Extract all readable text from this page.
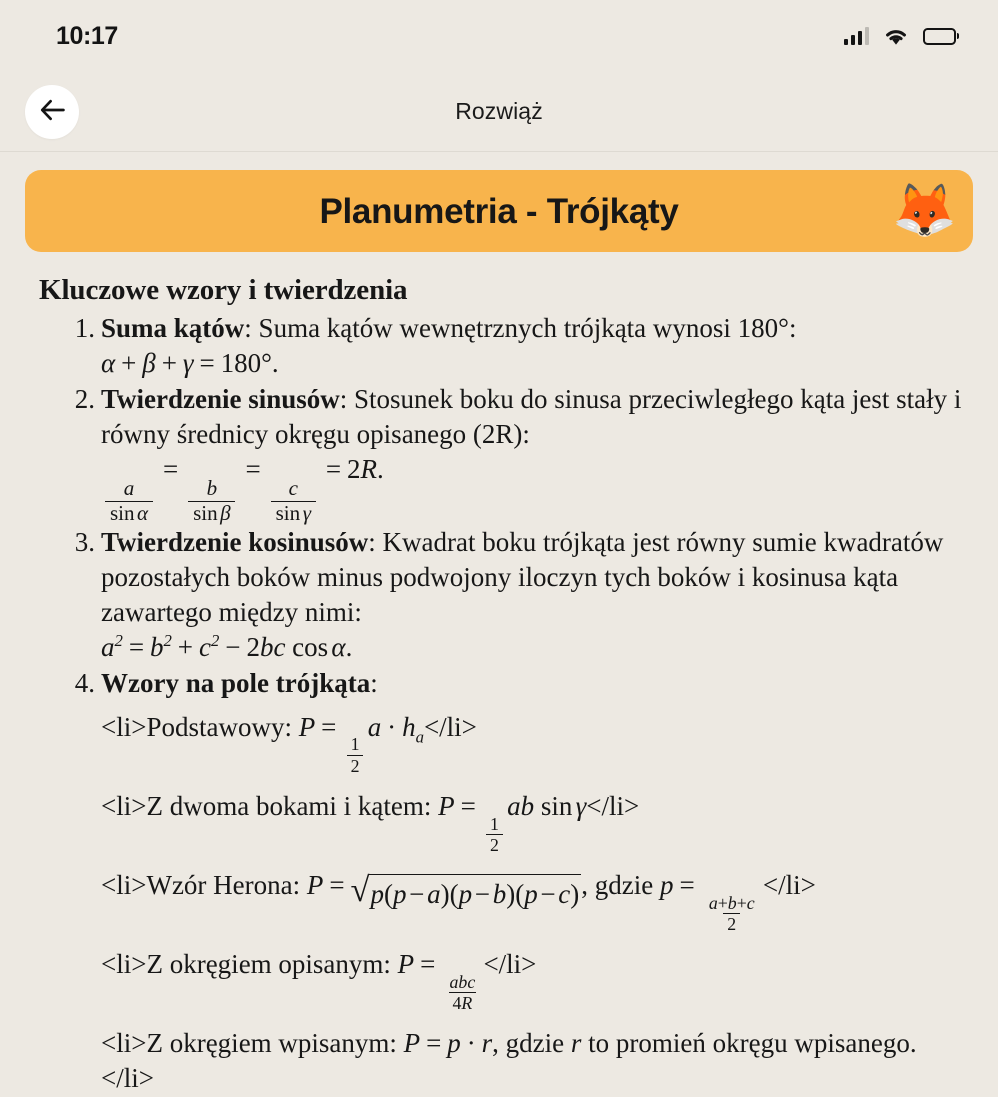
10:17
Rozwiąż
Planumetria - Trójkąty	🦊
Kluczowe wzory i twierdzenia
Suma kątów: Suma kątów wewnętrznych trójkąta wynosi 180°:
α + β + γ = 180°.
Twierdzenie sinusów: Stosunek boku do sinusa przeciwległego kąta jest stały i równy średnicy okręgu opisanego (2R):
$\frac{a}{\text{sin α}}$
=
$\frac{b}{\text{sin β}}$
=
$\frac{c}{\text{sin γ}}$
= 2R.
Twierdzenie kosinusów: Kwadrat boku trójkąta jest równy sumie kwadratów pozostałych boków minus podwojony iloczyn tych boków i kosinusa kąta zawartego między nimi:
$a^2 = b^2 + c^2 - 2bc$ cos α.
Wzory na pole trójkąta:
<li>Podstawowy: P =
$\frac{1}{2}$
$a \cdot h_a</li>$
<li>Z dwoma bokami i kątem: P =
$\frac{1}{2}$
ab sin γ</li>
<li>Wzór Herona: P = √ p(p−a)(p−b)(p−c) , gdzie p =
$\frac{a+b+c}{2}$
</li>
<li>Z okręgiem opisanym: P =
$\frac{\text{abc}}{4R}$
</li>
<li>Z okręgiem wpisanym: P = p · r, gdzie r to promień okręgu wpisanego. </li>
